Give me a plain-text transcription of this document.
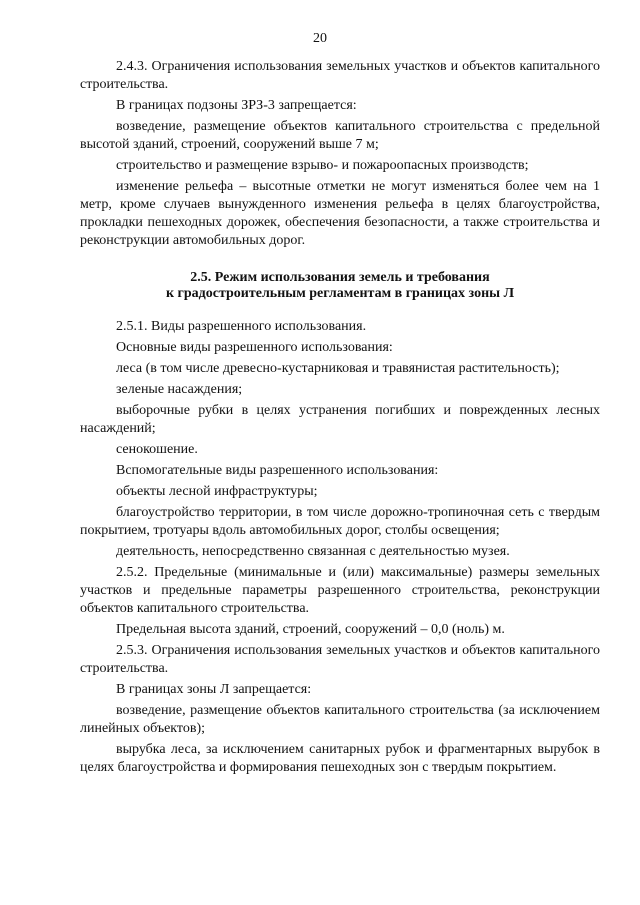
20

2.4.3. Ограничения использования земельных участков и объектов капитального строительства.

В границах подзоны ЗРЗ-3 запрещается:

возведение, размещение объектов капитального строительства с предельной высотой зданий, строений, сооружений выше 7 м;

строительство и размещение взрыво- и пожароопасных производств;

изменение рельефа – высотные отметки не могут изменяться более чем на 1 метр, кроме случаев вынужденного изменения рельефа в целях благоустройства, прокладки пешеходных дорожек, обеспечения безопасности, а также строительства и реконструкции автомобильных дорог.

2.5. Режим использования земель и требования
к градостроительным регламентам в границах зоны Л

2.5.1. Виды разрешенного использования.

Основные виды разрешенного использования:

леса (в том числе древесно-кустарниковая и травянистая растительность);

зеленые насаждения;

выборочные рубки в целях устранения погибших и поврежденных лесных насаждений;

сенокошение.

Вспомогательные виды разрешенного использования:

объекты лесной инфраструктуры;

благоустройство территории, в том числе дорожно-тропиночная сеть с твердым покрытием, тротуары вдоль автомобильных дорог, столбы освещения;

деятельность, непосредственно связанная с деятельностью музея.

2.5.2. Предельные (минимальные и (или) максимальные) размеры земельных участков и предельные параметры разрешенного строительства, реконструкции объектов капитального строительства.

Предельная высота зданий, строений, сооружений – 0,0 (ноль) м.

2.5.3. Ограничения использования земельных участков и объектов капитального строительства.

В границах зоны Л запрещается:

возведение, размещение объектов капитального строительства (за исключением линейных объектов);

вырубка леса, за исключением санитарных рубок и фрагментарных вырубок в целях благоустройства и формирования пешеходных зон с твердым покрытием.
